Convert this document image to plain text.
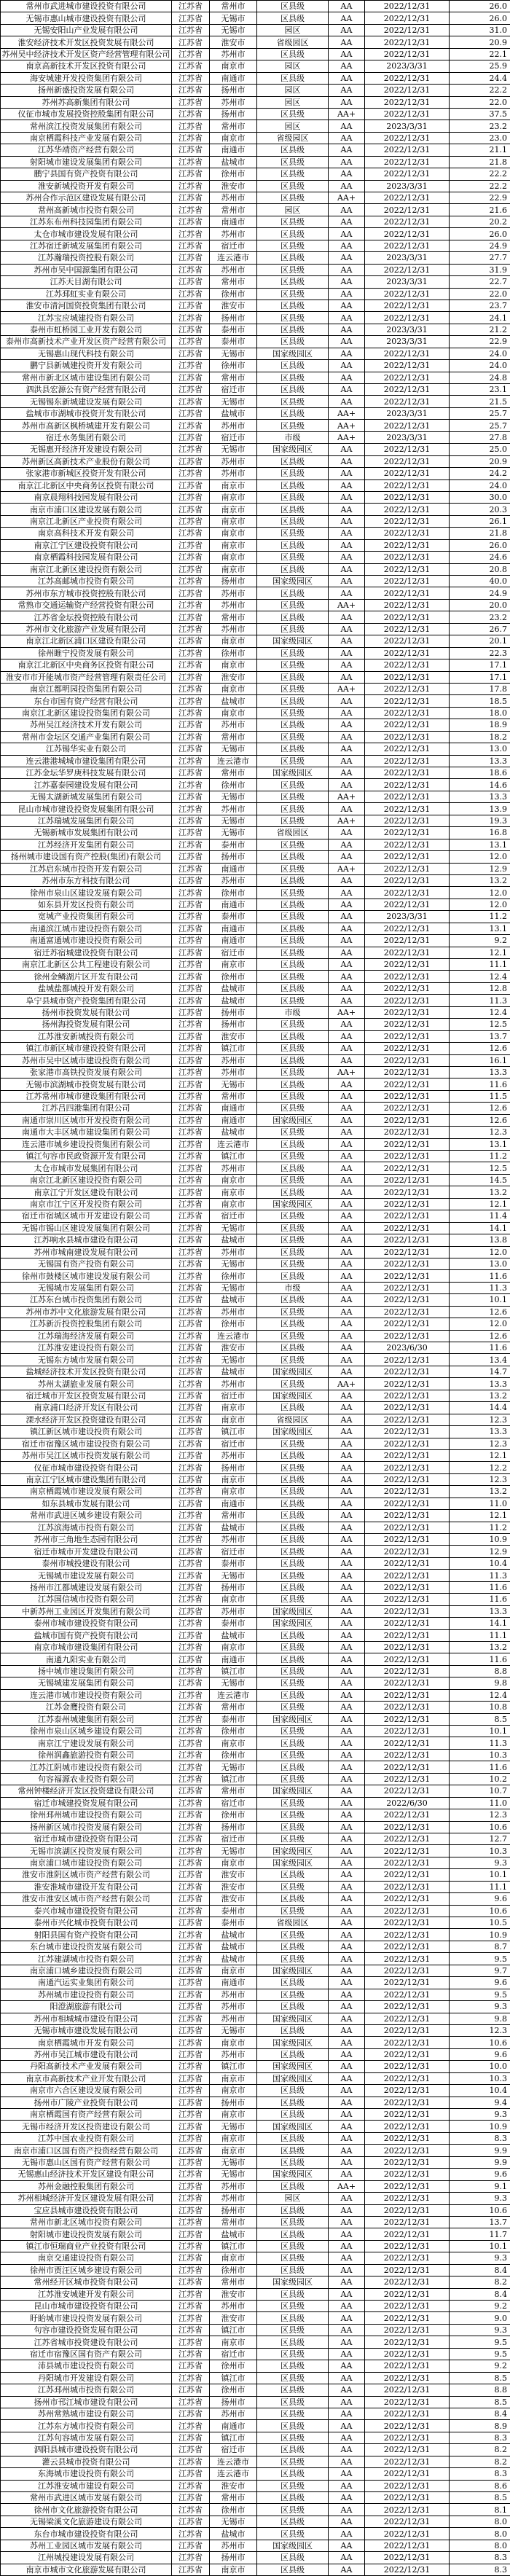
常州市武进城市建设投资有限公司	江苏省	常州市	区县级	AA	2022/12/31	26.0
无锡市惠山城市建设投资有限公司	江苏省	无锡市	区县级	AA	2022/12/31	26.0
无锡安阳山产业发展有限公司	江苏省	无锡市	园区	AA	2022/12/31	31.0
淮安经济技术开发区投资发展有限公司	江苏省	淮安市	省级园区	AA	2022/12/31	20.9
苏州吴中经济技术开发区资产经营管理有限公司	江苏省	苏州市	区县级	AA	2022/12/31	22.1
南京高新技术开发区投资有限公司	江苏省	南京市	园区	AA	2023/3/31	25.9
海安城建开发投资集团有限公司	江苏省	南通市	区县级	AA	2022/12/31	24.4
扬州新盛投资发展有限公司	江苏省	扬州市	园区	AA	2022/12/31	22.2
苏州苏高新集团有限公司	江苏省	苏州市	园区	AA	2022/12/31	22.0
仪征市城市发展投资控股集团有限公司	江苏省	扬州市	区县级	AA+	2022/12/31	37.5
常州滨江投资发展集团有限公司	江苏省	常州市	园区	AA	2023/3/31	23.2
南京栖霞科技产业发展有限公司	江苏省	南京市	省级园区	AA	2022/12/31	23.0
江苏华靖资产经营有限公司	江苏省	南通市	区县级	AA	2022/12/31	21.1
射阳城市建设发展集团有限公司	江苏省	盐城市	区县级	AA	2022/12/31	21.8
鹏宁县国有资产投资有限公司	江苏省	徐州市	区县级	AA	2022/12/31	22.2
淮安新城投资开发有限公司	江苏省	淮安市	区县级	AA	2023/3/31	22.2
苏州合作示范区建设发展有限公司	江苏省	苏州市	区县级	AA+	2022/12/31	22.9
常州高新城市投资有限公司	江苏省	常州市	园区	AA	2022/12/31	21.6
江苏东布州科技园集团有限公司	江苏省	南通市	区县级	AA	2022/12/31	20.2
太仓市城市建设发展有限公司	江苏省	苏州市	区县级	AA	2022/12/31	26.0
江苏宿迁新城发展集团有限公司	江苏省	宿迁市	区县级	AA	2022/12/31	24.9
江苏瀚瑞投资控股有限公司	江苏省	连云港市	区县级	AA	2023/3/31	27.7
苏州市吴中国源集团有限公司	江苏省	苏州市	区县级	AA	2022/12/31	31.9
江苏天目湖有限公司	江苏省	常州市	区县级	AA	2023/3/31	22.7
江苏邳虹实业有限公司	江苏省	徐州市	区县级	AA	2022/12/31	22.0
淮安市清河国资投资集团有限公司	江苏省	淮安市	区县级	AA	2022/12/31	23.7
江苏宝应城建投资有限公司	江苏省	扬州市	区县级	AA	2022/12/31	24.1
泰州市虹桥园工业开发有限公司	江苏省	泰州市	区县级	AA	2023/3/31	21.2
泰州市高新技术产业开发区资产经营有限公司	江苏省	泰州市	区县级	AA	2023/3/31	22.9
无锡惠山现代科技有限公司	江苏省	无锡市	国家级园区	AA	2022/12/31	24.0
鹏宁县新城建投资开发有限公司	江苏省	徐州市	区县级	AA	2022/12/31	24.0
常州市新北区城市建设集团有限公司	江苏省	常州市	区县级	AA	2022/12/31	24.8
泗洪县宏源公有资产经营有限公司	江苏省	宿迁市	区县级	AA	2022/12/31	23.1
无锡锡东新城建设发展有限公司	江苏省	无锡市	区县级	AA	2022/12/31	21.5
盐城市市湖城市投资开发有限公司	江苏省	盐城市	区县级	AA+	2023/3/31	25.7
苏州市高新区枫桥城建开发有限公司	江苏省	苏州市	区县级	AA+	2022/12/31	25.7
宿迁水务集团有限公司	江苏省	宿迁市	市级	AA+	2023/3/31	27.8
无锡惠开经济开发建设有限公司	江苏省	无锡市	国家级园区	AA	2022/12/31	25.0
苏州新区高新技术产业股份有限公司	江苏省	苏州市	区县级	AA	2022/12/31	20.9
张家港市新城区投资开发有限公司	江苏省	苏州市	区县级	AA	2022/12/31	24.2
南京江北新区中央商务区投资有限公司	江苏省	南京市	区县级	AA	2022/12/31	24.0
南京晨翔科技园发展有限公司	江苏省	南京市	区县级	AA	2022/12/31	30.0
南京市浦口区建设发展有限公司	江苏省	南京市	区县级	AA	2022/12/31	20.3
南京江北新区产业投资有限公司	江苏省	南京市	区县级	AA	2022/12/31	26.1
南京高科技术开发有限公司	江苏省	南京市	区县级	AA	2022/12/31	21.8
南京江宁区建设投资有限公司	江苏省	南京市	区县级	AA	2022/12/31	26.0
南京栖霞科技园发展有限公司	江苏省	南京市	区县级	AA	2022/12/31	24.6
南京江北新区建设投资有限公司	江苏省	南京市	区县级	AA	2022/12/31	20.8
江苏高邮城市投资有限公司	江苏省	扬州市	国家级园区	AA	2022/12/31	40.0
苏州市东方城市投资控股有限公司	江苏省	苏州市	区县级	AA	2022/12/31	24.9
常熟市交通运输资产经营投资有限公司	江苏省	苏州市	区县级	AA+	2022/12/31	20.0
江苏省金坛投资控股有限公司	江苏省	常州市	区县级	AA	2022/12/31	23.2
苏州市文化旅游产业发展有限公司	江苏省	苏州市	区县级	AA	2022/12/31	26.7
南京江北新区浦口区建设有限公司	江苏省	南京市	国家级园区	AA	2022/12/31	20.1
徐州睢宁投资发展有限公司	江苏省	徐州市	区县级	AA	2022/12/31	22.3
南京江北新区中央商务区投资有限公司	江苏省	南京市	区县级	AA	2022/12/31	17.1
淮安市市开能城市资产经营管理有限责任公司	江苏省	淮安市	区县级	AA	2022/12/31	17.1
南京江都明园投资集团有限公司	江苏省	南京市	区县级	AA+	2022/12/31	17.8
东台市国有资产经营有限公司	江苏省	盐城市	区县级	AA	2022/12/31	18.5
南京江北新区建设投资集团有限公司	江苏省	南京市	区县级	AA	2022/12/31	18.0
苏州吴江经济技术开发有限公司	江苏省	苏州市	区县级	AA	2022/12/31	18.9
常州市金坛区交通产业集团有限公司	江苏省	常州市	区县级	AA	2022/12/31	18.2
江苏锡华实业有限公司	江苏省	无锡市	区县级	AA	2022/12/31	13.0
连云港港城城市建设集团有限公司	江苏省	连云港市	区县级	AA	2022/12/31	13.3
江苏金坛华罗庚科技发展有限公司	江苏省	常州市	国家级园区	AA	2022/12/31	18.6
江苏嘉泰园建设发展有限公司	江苏省	徐州市	区县级	AA	2022/12/31	14.6
无锡太湖新城发展集团有限公司	江苏省	无锡市	区县级	AA+	2022/12/31	13.3
昆山市城市建设投资发展集团有限公司	江苏省	苏州市	区县级	AA	2022/12/31	13.9
江苏瑞城发展集团有限公司	江苏省	无锡市	区县级	AA+	2022/12/31	19.3
无锡新城市发展集团有限公司	江苏省	无锡市	省级园区	AA	2022/12/31	16.8
江苏经济开发集团有限公司	江苏省	泰州市	区县级	AA	2022/12/31	13.1
扬州城市建设国有资产控股(集团)有限公司	江苏省	扬州市	区县级	AA	2022/12/31	12.0
江苏启东城市投资开发有限公司	江苏省	南通市	区县级	AA+	2022/12/31	12.9
苏州市东方科技有限公司	江苏省	苏州市	区县级	AA	2022/12/31	13.2
徐州市泉山区建设发展有限公司	江苏省	徐州市	区县级	AA	2022/12/31	12.0
如东县开发区投资有限公司	江苏省	南通市	区县级	AA	2022/12/31	12.0
宽城产业投资集团有限公司	江苏省	泰州市	区县级	AA	2023/3/31	11.2
南通滨江城市建设投资有限公司	江苏省	南通市	区县级	AA	2022/12/31	13.1
南通富通城市建设投资有限公司	江苏省	南通市	区县级	AA	2022/12/31	9.2
宿迁苏宿城建设投资有限公司	江苏省	宿迁市	区县级	AA	2022/12/31	12.1
南京江北新区公共工程建设有限公司	江苏省	南京市	区县级	AA	2022/12/31	11.1
徐州金鳞湖片区开发有限公司	江苏省	徐州市	区县级	AA	2022/12/31	12.4
盐城盐都城投开发有限公司	江苏省	盐城市	区县级	AA	2022/12/31	12.8
阜宁县城市资产投资集团有限公司	江苏省	盐城市	区县级	AA	2022/12/31	11.3
扬州市投资发展有限公司	江苏省	扬州市	市级	AA+	2022/12/31	12.4
扬州海投资发展有限公司	江苏省	扬州市	区县级	AA	2022/12/31	12.5
江苏淮安新城投资有限公司	江苏省	淮安市	区县级	AA	2022/12/31	13.7
镇江市新区城市建设投资有限公司	江苏省	镇江市	区县级	AA	2022/12/31	12.6
苏州市吴中区城市建设投资有限公司	江苏省	苏州市	区县级	AA	2022/12/31	16.1
张家港市高铁投资发展有限公司	江苏省	苏州市	区县级	AA+	2022/12/31	13.3
无锡市滨湖城市投资发展有限公司	江苏省	无锡市	区县级	AA	2022/12/31	11.6
江苏常州市城市建设集团有限公司	江苏省	常州市	区县级	AA	2022/12/31	11.5
江苏吕四港集团有限公司	江苏省	南通市	区县级	AA	2022/12/31	12.6
南通市崇川区城市开发投资有限公司	江苏省	南通市	国家级园区	AA	2022/12/31	12.6
南通市大丰区城市建设集团有限公司	江苏省	盐城市	区县级	AA	2022/12/31	12.3
连云港市城乡建设投资集团有限公司	江苏省	连云港市	区县级	AA	2022/12/31	13.1
镇江句容市民政资源开发有限公司	江苏省	镇江市	区县级	AA	2022/12/31	11.2
太仓市城市发展集团有限公司	江苏省	苏州市	区县级	AA	2022/12/31	12.5
南京江北新区建设投资有限公司	江苏省	南京市	区县级	AA	2022/12/31	14.5
南京江宁开发区建设有限公司	江苏省	南京市	区县级	AA	2022/12/31	13.2
南京市江宁区开发投资有限公司	江苏省	南京市	国家级园区	AA	2022/12/31	12.1
宿迁市宿城区城市开发建设有限公司	江苏省	宿迁市	区县级	AA	2022/12/31	11.4
无锡市锡山区建设发展集团有限公司	江苏省	无锡市	区县级	AA	2022/12/31	14.1
江苏响水县城市建设有限公司	江苏省	盐城市	区县级	AA	2022/12/31	13.8
苏州市城南建设发展有限公司	江苏省	苏州市	区县级	AA	2022/12/31	12.0
无锡国有资产投资有限公司	江苏省	无锡市	区县级	AA	2022/12/31	13.0
徐州市鼓楼区城市建设发展有限公司	江苏省	徐州市	区县级	AA	2022/12/31	11.6
无锡城市发展集团有限公司	江苏省	无锡市	市级	AA	2022/12/31	11.3
江苏东台城市投资集团有限公司	江苏省	盐城市	区县级	AA	2022/12/31	10.1
苏州市苏中文化旅游发展有限公司	江苏省	苏州市	区县级	AA	2022/12/31	12.6
江苏新沂投资控股集团有限公司	江苏省	徐州市	区县级	AA	2022/12/31	12.0
江苏瑞海经济发展有限公司	江苏省	连云港市	区县级	AA	2022/12/31	12.6
江苏淮安建设投资有限公司	江苏省	淮安市	区县级	AA	2023/6/30	11.6
无锡东方城市发展有限公司	江苏省	无锡市	区县级	AA	2022/12/31	13.4
盐城经济技术开发区投资有限公司	江苏省	盐城市	国家级园区	AA	2022/12/31	14.7
苏州太湖旅业发展有限公司	江苏省	苏州市	区县级	AA+	2022/12/31	13.3
宿迁城市开发区投资发展有限公司	江苏省	宿迁市	国家级园区	AA	2022/12/31	13.2
南京浦口经济开发区有限公司	江苏省	南京市	区县级	AA	2022/12/31	14.4
溧水经济开发区投资建设有限公司	江苏省	南京市	省级园区	AA	2022/12/31	12.3
镇江新区城市建设投资有限公司	江苏省	镇江市	国家级园区	AA	2022/12/31	13.3
宿迁市宿豫区城市建设投资有限公司	江苏省	宿迁市	区县级	AA	2022/12/31	12.3
苏州市吴江区城市投资发展有限公司	江苏省	苏州市	区县级	AA	2022/12/31	12.1
仪征市城市建设投资有限公司	江苏省	扬州市	区县级	AA	2022/12/31	12.2
南京江宁区城市建设集团有限公司	江苏省	南京市	区县级	AA	2022/12/31	12.3
南京栖霞城市建设发展有限公司	江苏省	南京市	区县级	AA	2022/12/31	13.2
如东县城市发展有限公司	江苏省	南通市	区县级	AA	2022/12/31	11.0
常州市武进区城乡建设有限公司	江苏省	常州市	区县级	AA	2022/12/31	12.1
江苏滨海城市投资有限公司	江苏省	盐城市	区县级	AA	2022/12/31	11.2
苏州市三角地生态园有限公司	江苏省	苏州市	区县级	AA	2022/12/31	10.9
宿迁市城市开发建设有限公司	江苏省	宿迁市	区县级	AA	2022/12/31	12.9
泰州市城投建设有限公司	江苏省	泰州市	区县级	AA	2022/12/31	10.4
无锡城市建设发展有限公司	江苏省	无锡市	区县级	AA	2022/12/31	11.3
扬州市江都城建设发展有限公司	江苏省	扬州市	区县级	AA	2022/12/31	11.6
江苏国信城市投资有限公司	江苏省	南京市	区县级	AA	2022/12/31	11.6
中新苏州工业园区开发集团有限公司	江苏省	苏州市	国家级园区	AA	2022/12/31	13.3
泰州市城市建设投资有限公司	江苏省	泰州市	国家级园区	AA	2022/12/31	14.1
盐城市国有资产投资有限公司	江苏省	盐城市	区县级	AA	2022/12/31	11.1
南京市城市建设集团有限公司	江苏省	南京市	区县级	AA	2022/12/31	13.2
南通九阳实业有限公司	江苏省	南通市	区县级	AA	2022/12/31	11.6
扬中城市建设集团有限公司	江苏省	镇江市	区县级	AA	2022/12/31	8.8
无锡城建发展集团有限公司	江苏省	无锡市	区县级	AA	2022/12/31	9.8
连云港市城市建设投资有限公司	江苏省	连云港市	区县级	AA	2022/12/31	12.4
江苏金鹰投资有限公司	江苏省	常州市	区县级	AA	2022/12/31	10.8
江苏泰州城建集团有限公司	江苏省	泰州市	国家级园区	AA	2022/12/31	8.5
徐州市泉山区城乡建设有限公司	江苏省	徐州市	区县级	AA	2022/12/31	10.1
南京江宁建设发展有限公司	江苏省	南京市	区县级	AA	2022/12/31	11.3
徐州润鑫旅游投资有限公司	江苏省	徐州市	区县级	AA	2022/12/31	10.3
江苏江阴城市建设投资有限公司	江苏省	无锡市	区县级	AA	2022/12/31	11.6
句容福源农业投资有限公司	江苏省	镇江市	区县级	AA	2022/12/31	10.2
常州钟楼经济开发区投资建设有限公司	江苏省	常州市	国家级园区	AA	2022/12/31	10.7
宿迁市城建投资发展有限公司	江苏省	宿迁市	区县级	AA	2022/6/30	11.0
徐州邳州城市建设投资有限公司	江苏省	徐州市	区县级	AA	2022/12/31	12.3
扬州新区城市投资发展有限公司	江苏省	扬州市	区县级	AA	2022/12/31	10.6
宿迁市城市建设投资有限公司	江苏省	宿迁市	区县级	AA	2022/12/31	12.7
无锡市滨湖区投资发展有限公司	江苏省	无锡市	国家级园区	AA	2022/12/31	10.3
南京浦口城市建设投资有限公司	江苏省	南京市	国家级园区	AA	2022/12/31	9.3
淮安市淮阴区城市资产经营有限公司	江苏省	淮安市	区县级	AA	2022/12/31	10.1
淮安淮城市建设开发有限公司	江苏省	淮安市	区县级	AA	2022/12/31	11.1
淮安市淮安区城市资产经营有限公司	江苏省	淮安市	区县级	AA	2022/12/31	9.6
泰兴市城市建设投资有限公司	江苏省	泰州市	区县级	AA	2022/12/31	10.6
泰州市兴化城市投资有限公司	江苏省	泰州市	省级园区	AA	2022/12/31	10.5
射阳县国有资产投资有限公司	江苏省	盐城市	区县级	AA	2022/12/31	10.9
东台城市建设投资发展有限公司	江苏省	盐城市	区县级	AA	2022/12/31	8.7
江苏建湖城市投资有限公司	江苏省	盐城市	区县级	AA	2022/12/31	9.5
南京浦口城乡建设投资有限公司	江苏省	南京市	国家级园区	AA	2022/12/31	9.7
南通汽运实业集团有限公司	江苏省	南通市	区县级	AA	2022/12/31	9.6
苏州城市建设投资有限公司	江苏省	苏州市	区县级	AA	2022/12/31	9.5
阳澄湖旅游有限公司	江苏省	苏州市	区县级	AA	2022/12/31	9.3
苏州市相城城市建设有限公司	江苏省	苏州市	国家级园区	AA	2022/12/31	9.8
无锡市城市建设发展有限公司	江苏省	无锡市	区县级	AA	2022/12/31	12.3
南京栖霞城市开发有限公司	江苏省	南京市	国家级园区	AA	2022/12/31	10.6
苏州市吴江城市建设有限公司	江苏省	苏州市	区县级	AA	2022/12/31	9.6
丹阳高新技术产业发展有限公司	江苏省	镇江市	国家级园区	AA	2022/12/31	10.0
南京市高新技术产业开发有限公司	江苏省	南京市	国家级园区	AA	2022/12/31	10.3
南京市六合区建设发展有限公司	江苏省	南京市	区县级	AA	2022/12/31	10.4
扬州市广陵产业投资有限公司	江苏省	扬州市	区县级	AA	2022/12/31	9.4
南京栖霞国有资产经营有限公司	江苏省	南京市	区县级	AA	2022/12/31	9.3
无锡市经济开发区投资建设有限公司	江苏省	无锡市	国家级园区	AA	2022/12/31	10.9
江苏中国农业投资有限公司	江苏省	南京市	区县级	AA	2022/12/31	8.3
南京市浦口区国有资产投资经营有限公司	江苏省	南京市	区县级	AA	2022/12/31	9.9
无锡市惠山区国有资产经营有限公司	江苏省	无锡市	区县级	AA	2022/12/31	9.9
无锡惠山经济技术开发区建设有限公司	江苏省	无锡市	国家级园区	AA	2022/12/31	9.6
苏州金融控股集团有限公司	江苏省	苏州市	区县级	AA+	2022/12/31	9.1
苏州相城经济开发区建设发展有限公司	江苏省	苏州市	园区	AA	2022/12/31	9.3
宝应县城市建设投资有限公司	江苏省	扬州市	区县级	AA	2022/12/31	10.6
常州市新北区城市投资有限公司	江苏省	常州市	区县级	AA	2022/12/31	13.7
射阳城市建设投资发展有限公司	江苏省	盐城市	区县级	AA	2022/12/31	11.7
镇江市恒瑞商业产业投资有限公司	江苏省	镇江市	区县级	AA	2022/12/31	10.1
南京交通建设投资有限公司	江苏省	南京市	区县级	AA	2022/12/31	9.3
徐州市贾汪区城乡建设有限公司	江苏省	徐州市	区县级	AA	2022/12/31	8.4
常州经开区城市投资有限公司	江苏省	常州市	国家级园区	AA	2022/12/31	8.2
江苏淮安城建开发有限公司	江苏省	淮安市	区县级	AA	2022/12/31	8.4
昆山市城市建设投资有限公司	江苏省	苏州市	区县级	AA	2022/12/31	9.2
盱眙城市建设投资发展有限公司	江苏省	淮安市	区县级	AA	2022/12/31	9.0
句容市建设投资发展有限公司	江苏省	镇江市	区县级	AA	2022/12/31	9.3
江苏省城市投资建设有限公司	江苏省	南京市	区县级	AA	2022/12/31	9.5
宿迁市宿豫区国有资产有限公司	江苏省	宿迁市	区县级	AA	2022/12/31	9.5
沛县城市建设投资有限公司	江苏省	徐州市	区县级	AA	2022/12/31	9.2
丹阳城市开发建设有限公司	江苏省	镇江市	区县级	AA	2022/12/31	8.5
江苏邳州城市投资有限公司	江苏省	徐州市	区县级	AA	2022/12/31	8.8
扬州市邗江城市建设有限公司	江苏省	扬州市	区县级	AA	2022/12/31	8.5
苏州常熟城市建设有限公司	江苏省	苏州市	区县级	AA	2022/12/31	8.4
江苏东方城市投资有限公司	江苏省	南通市	区县级	AA	2022/12/31	8.9
江苏句容城市发展有限公司	江苏省	镇江市	区县级	AA	2022/12/31	8.3
泗阳县城市建设投资有限公司	江苏省	宿迁市	区县级	AA	2022/12/31	8.2
灌云县城市投资有限公司	江苏省	连云港市	区县级	AA	2022/12/31	8.2
东海城市建设投资有限公司	江苏省	连云港市	区县级	AA	2022/12/31	8.3
江苏淮安城市建设有限公司	江苏省	淮安市	区县级	AA	2022/12/31	8.6
常州市武进区城市发展有限公司	江苏省	常州市	区县级	AA	2022/12/31	8.5
徐州市文化旅游投资有限公司	江苏省	徐州市	区县级	AA	2022/12/31	8.1
无锡梁溪文化旅游建设有限公司	江苏省	无锡市	区县级	AA	2022/12/31	8.0
东台市城市建设投资有限公司	江苏省	盐城市	区县级	AA	2022/12/31	8.0
苏州工业园区城市发展有限公司	江苏省	苏州市	国家级园区	AA	2022/12/31	8.0
江州城投建设发展有限公司	江苏省	扬州市	区县级	AA	2022/12/31	8.3
南京市城市文化旅游发展有限公司	江苏省	南京市	区县级	AA	2022/12/31	8.3
